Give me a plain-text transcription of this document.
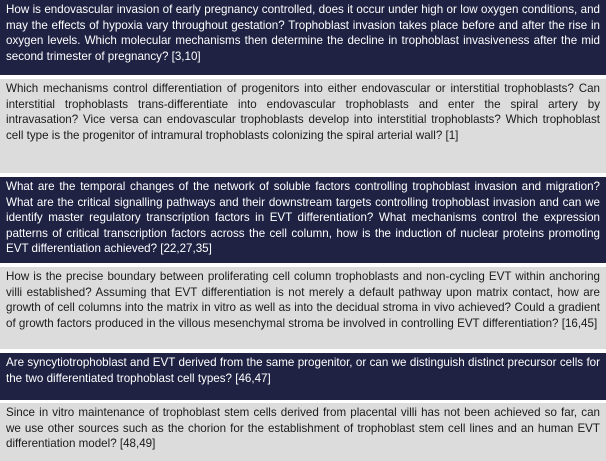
How is endovascular invasion of early pregnancy controlled, does it occur under high or low oxygen conditions, and may the effects of hypoxia vary throughout gestation? Trophoblast invasion takes place before and after the rise in oxygen levels. Which molecular mechanisms then determine the decline in trophoblast invasiveness after the mid second trimester of pregnancy? [3,10]
Which mechanisms control differentiation of progenitors into either endovascular or interstitial trophoblasts? Can interstitial trophoblasts trans-differentiate into endovascular trophoblasts and enter the spiral artery by intravasation? Vice versa can endovascular trophoblasts develop into interstitial trophoblasts? Which trophoblast cell type is the progenitor of intramural trophoblasts colonizing the spiral arterial wall? [1]
What are the temporal changes of the network of soluble factors controlling trophoblast invasion and migration? What are the critical signalling pathways and their downstream targets controlling trophoblast invasion and can we identify master regulatory transcription factors in EVT differentiation? What mechanisms control the expression patterns of critical transcription factors across the cell column, how is the induction of nuclear proteins promoting EVT differentiation achieved? [22,27,35]
How is the precise boundary between proliferating cell column trophoblasts and non-cycling EVT within anchoring villi established? Assuming that EVT differentiation is not merely a default pathway upon matrix contact, how are growth of cell columns into the matrix in vitro as well as into the decidual stroma in vivo achieved? Could a gradient of growth factors produced in the villous mesenchymal stroma be involved in controlling EVT differentiation? [16,45]
Are syncytiotrophoblast and EVT derived from the same progenitor, or can we distinguish distinct precursor cells for the two differentiated trophoblast cell types? [46,47]
Since in vitro maintenance of trophoblast stem cells derived from placental villi has not been achieved so far, can we use other sources such as the chorion for the establishment of trophoblast stem cell lines and an human EVT differentiation model? [48,49]
